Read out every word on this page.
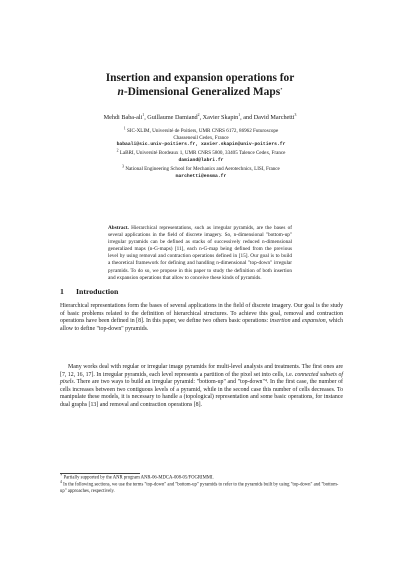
Insertion and expansion operations for
n-Dimensional Generalized Maps⋆
Mehdi Baba-ali$^1$, Guillaume Damiand$^2$, Xavier Skapin$^1$, and David Marchetti$^3$
$^1$ SIC-XLIM, Université de Poitiers, UMR CNRS 6172, 86962 Futuroscope
Chasseneuil Cedex, France
babaali@sic.univ-poitiers.fr, xavier.skapin@univ-poitiers.fr
$^2$ LaBRI, Université Bordeaux 1, UMR CNRS 5800, 33405 Talence Cedex, France
damiand@labri.fr
$^3$ National Engineering School for Mechanics and Aerotechnics, LISI, France
marchetti@ensma.fr
Abstract. Hierarchical representations, such as irregular pyramids, are the bases of several applications in the field of discrete imagery. So, n-dimensional "bottom-up" irregular pyramids can be defined as stacks of successively reduced n-dimensional generalized maps (n-G-maps) [11], each n-G-map being defined from the previous level by using removal and contraction operations defined in [15]. Our goal is to build a theoretical framework for defining and handling n-dimensional "top-down" irregular pyramids. To do so, we propose in this paper to study the definition of both insertion and expansion operations that allow to conceive these kinds of pyramids.
1 Introduction
Hierarchical representations form the bases of several applications in the field of discrete imagery. Our goal is the study of basic problems related to the definition of hierarchical structures. To achieve this goal, removal and contraction operations have been defined in [8]. In this paper, we define two others basic operations: insertion and expansion, which allow to define "top-down" pyramids.
Many works deal with regular or irregular image pyramids for multi-level analysis and treatments. The first ones are [7, 12, 16, 17]. In irregular pyramids, each level represents a partition of the pixel set into cells, i.e. connected subsets of pixels. There are two ways to build an irregular pyramid: "bottom-up" and "top-down"⁴. In the first case, the number of cells increases between two contiguous levels of a pyramid, while in the second case this number of cells decreases. To manipulate these models, it is necessary to handle a (topological) representation and some basic operations, for instance dual graphs [13] and removal and contraction operations [8].
⋆ Partially supported by the ANR program ANR-06-MDCA-008-05/FOGRIMMI.
$^4$ In the following sections, we use the terms "top-down" and "bottom-up" pyramids to refer to the pyramids built by using "top-down" and "bottom-up" approaches, respectively.
